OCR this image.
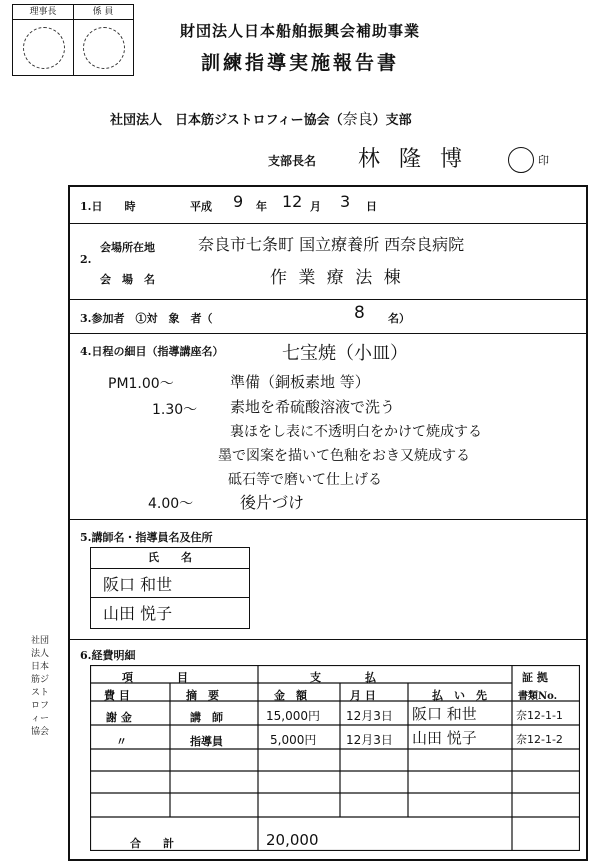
理事長	係 員
財団法人日本船舶振興会補助事業
訓練指導実施報告書
社団法人　日本筋ジストロフィー協会（奈良）支部
支部長名 林 隆 博	印
1.日　　時	平成 9 年 12 月 3 日
2.
会場所在地	奈良市七条町 国立療養所 西奈良病院
会　場　名	作 業 療 法 棟
3.参加者　①対　象　者（	8 名）
4.日程の細目（指導講座名）	七宝焼（小皿）
PM1.00〜	準備（銅板素地 等）
1.30〜 素地を希硫酸溶液で洗う
裏ほをし表に不透明白をかけて焼成する
墨で図案を描いて色釉をおき又焼成する
砥石等で磨いて仕上げる
4.00〜	後片づけ
5.講師名・指導員名及住所
氏　　名
阪口 和世
山田 悦子
6.経費明細
項　　　　目	支　　　　払	証 拠
費 目	摘　要	金　額	月 日	払　い　先	書類No.
謝 金	講　師	15,000円 12月3日 阪口 和世	奈12-1-1
〃	指導員	5,000円 12月3日 山田 悦子	奈12-1-2
合　　計	20,000
社団法人日本筋ジストロフィー協会
